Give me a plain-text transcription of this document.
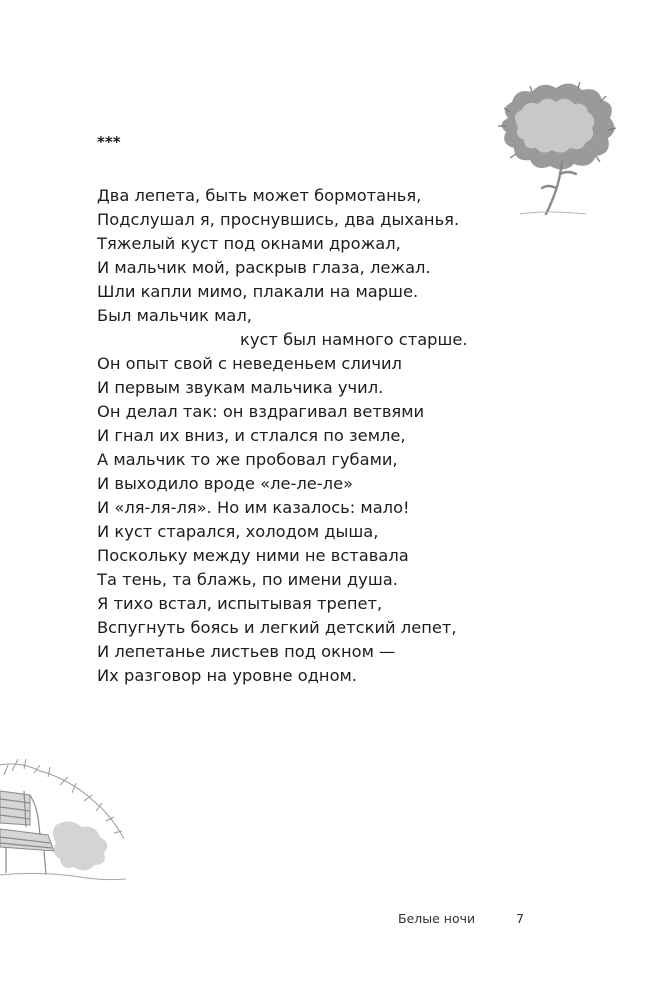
***
Два лепета, быть может бормотанья,
Подслушал я, проснувшись, два дыханья.
Тяжелый куст под окнами дрожал,
И мальчик мой, раскрыв глаза, лежал.
Шли капли мимо, плакали на марше.
Был мальчик мал,
куст был намного старше.
Он опыт свой с неведеньем сличил
И первым звукам мальчика учил.
Он делал так: он вздрагивал ветвями
И гнал их вниз, и стлался по земле,
А мальчик то же пробовал губами,
И выходило вроде «ле-ле-ле»
И «ля-ля-ля». Но им казалось: мало!
И куст старался, холодом дыша,
Поскольку между ними не вставала
Та тень, та блажь, по имени душа.
Я тихо встал, испытывая трепет,
Вспугнуть боясь и легкий детский лепет,
И лепетанье листьев под окном —
Их разговор на уровне одном.
Белые ночи	7
